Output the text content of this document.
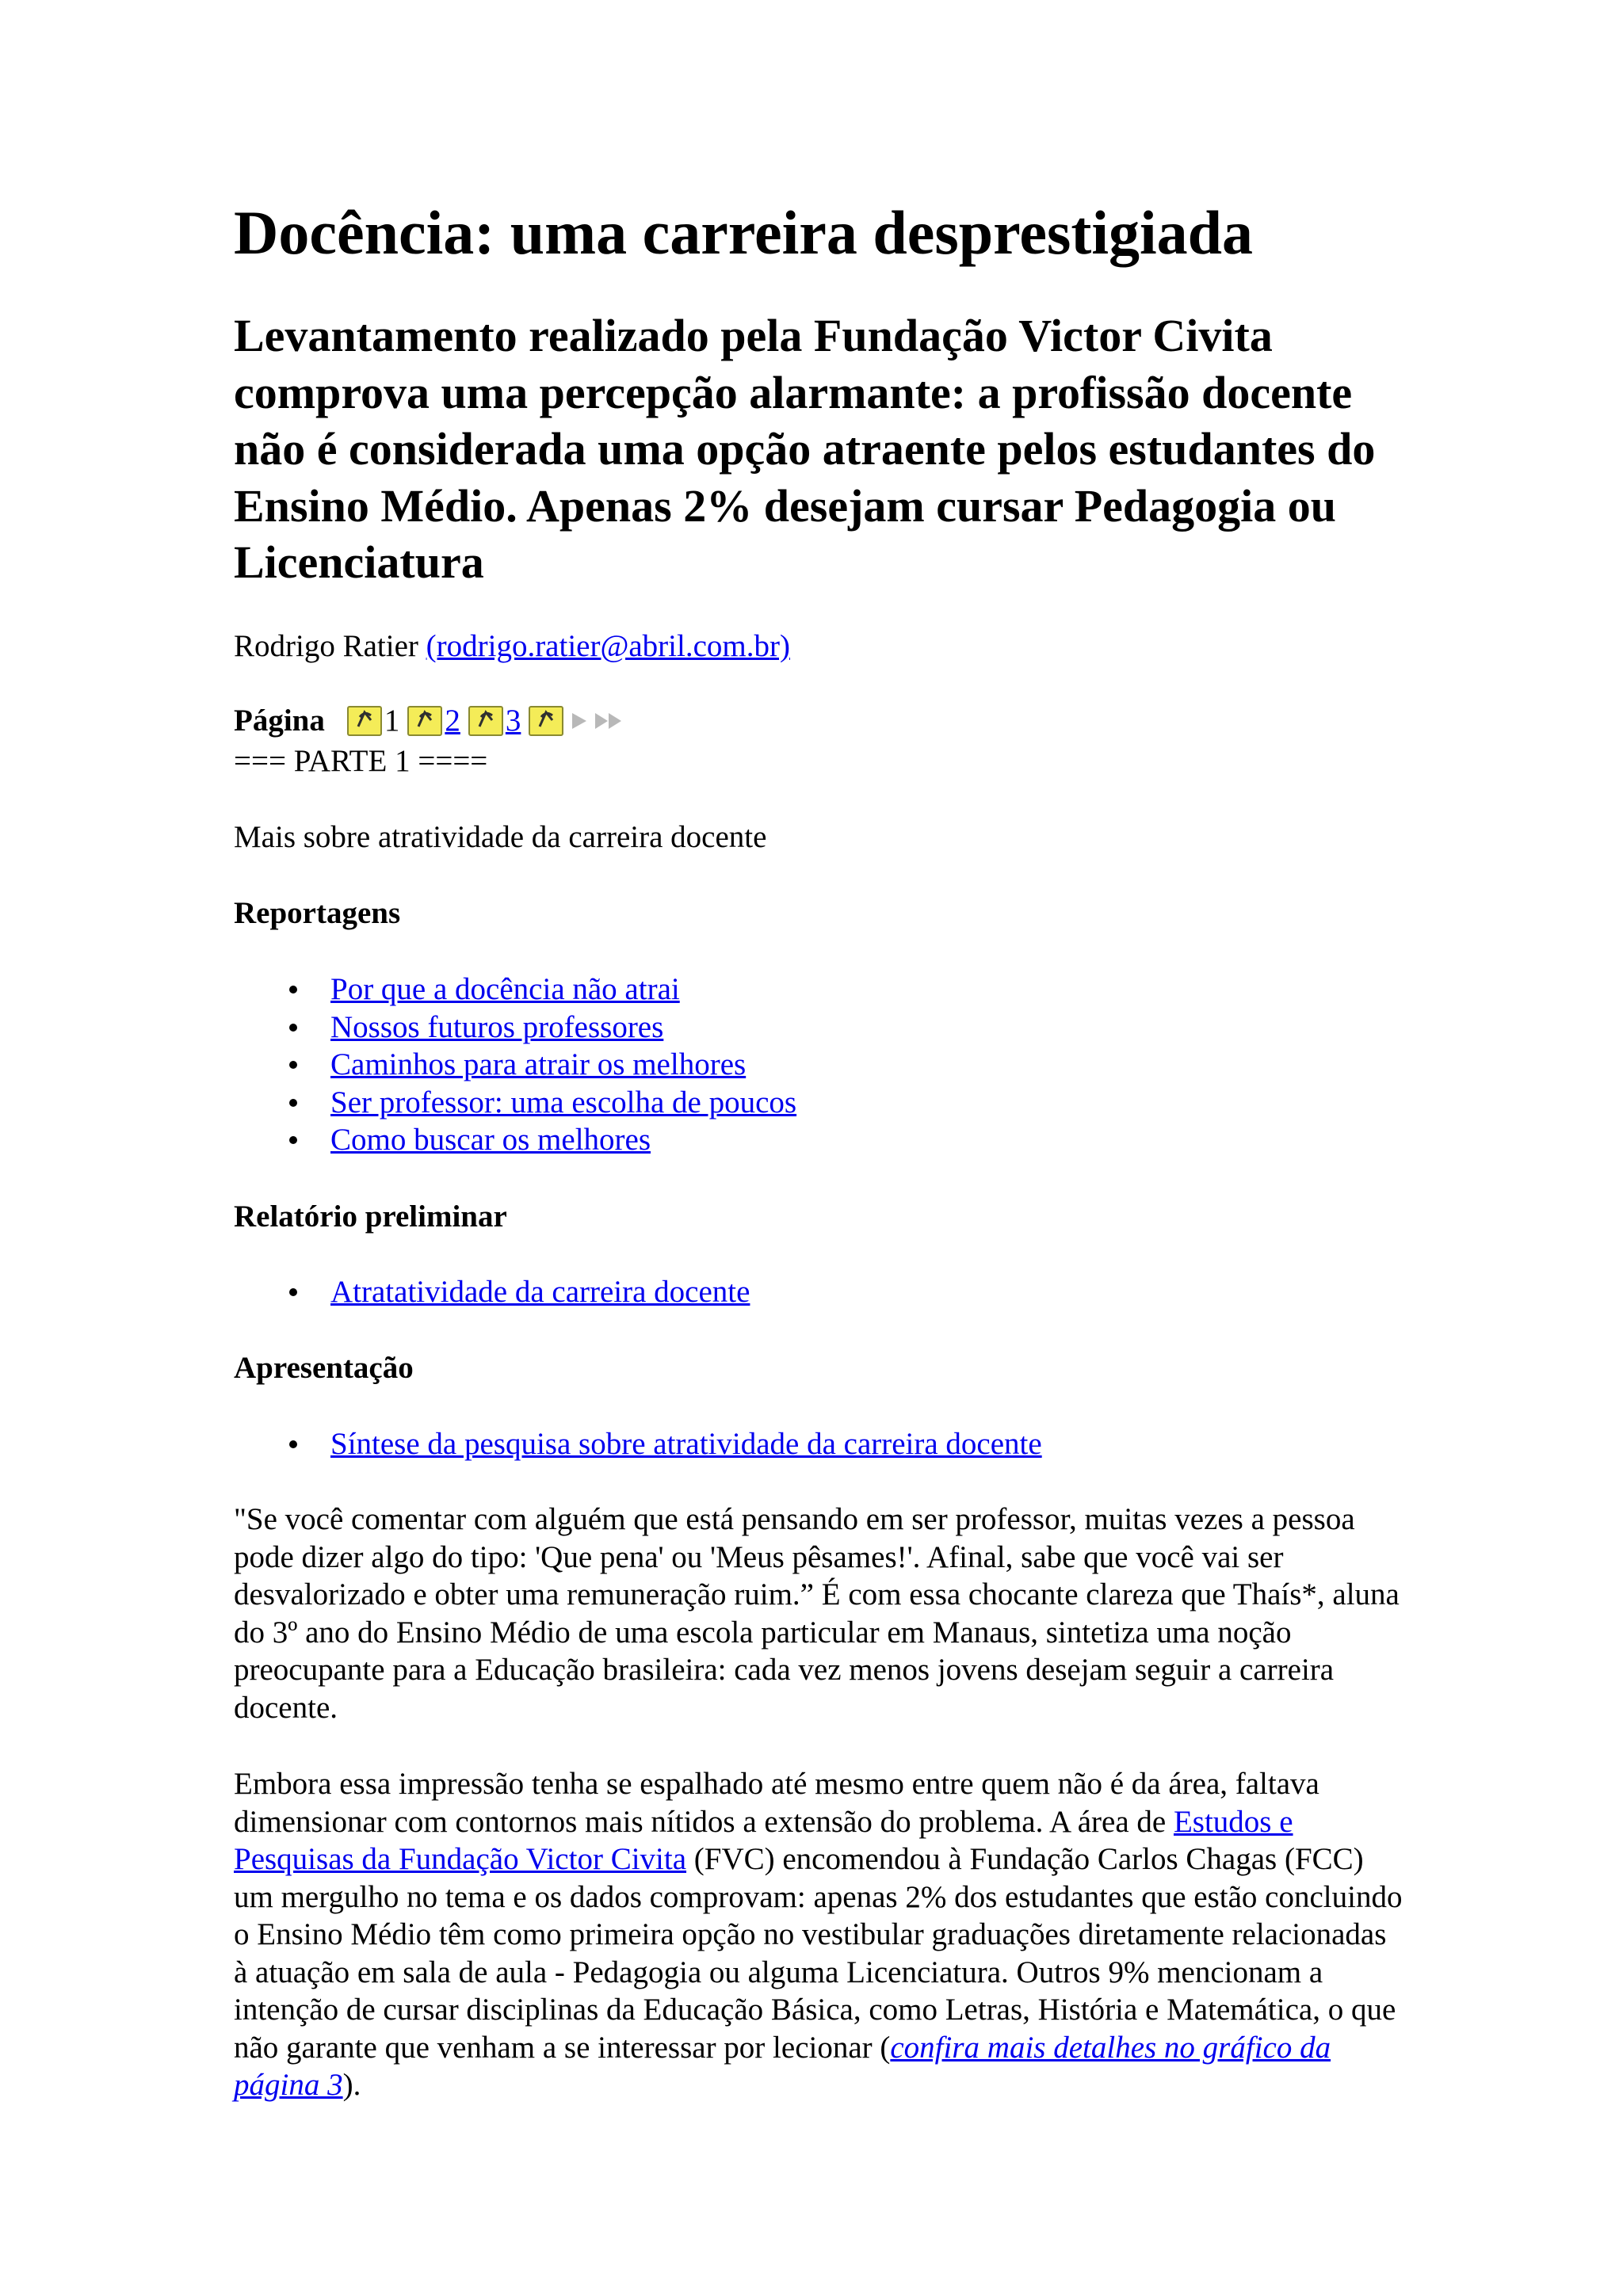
Docência: uma carreira desprestigiada
Levantamento realizado pela Fundação Victor Civita comprova uma percepção alarmante: a profissão docente não é considerada uma opção atraente pelos estudantes do Ensino Médio. Apenas 2% desejam cursar Pedagogia ou Licenciatura
Rodrigo Ratier (rodrigo.ratier@abril.com.br)
Página 1 2 3
=== PARTE 1 ====
Mais sobre atratividade da carreira docente
Reportagens
Por que a docência não atrai
Nossos futuros professores
Caminhos para atrair os melhores
Ser professor: uma escolha de poucos
Como buscar os melhores
Relatório preliminar
Atratatividade da carreira docente
Apresentação
Síntese da pesquisa sobre atratividade da carreira docente

"Se você comentar com alguém que está pensando em ser professor, muitas vezes a pessoa pode dizer algo do tipo: 'Que pena' ou 'Meus pêsames!'. Afinal, sabe que você vai ser desvalorizado e obter uma remuneração ruim.” É com essa chocante clareza que Thaís*, aluna do 3º ano do Ensino Médio de uma escola particular em Manaus, sintetiza uma noção preocupante para a Educação brasileira: cada vez menos jovens desejam seguir a carreira docente.

Embora essa impressão tenha se espalhado até mesmo entre quem não é da área, faltava dimensionar com contornos mais nítidos a extensão do problema. A área de Estudos e Pesquisas da Fundação Victor Civita (FVC) encomendou à Fundação Carlos Chagas (FCC) um mergulho no tema e os dados comprovam: apenas 2% dos estudantes que estão concluindo o Ensino Médio têm como primeira opção no vestibular graduações diretamente relacionadas à atuação em sala de aula - Pedagogia ou alguma Licenciatura. Outros 9% mencionam a intenção de cursar disciplinas da Educação Básica, como Letras, História e Matemática, o que não garante que venham a se interessar por lecionar (confira mais detalhes no gráfico da página 3).
